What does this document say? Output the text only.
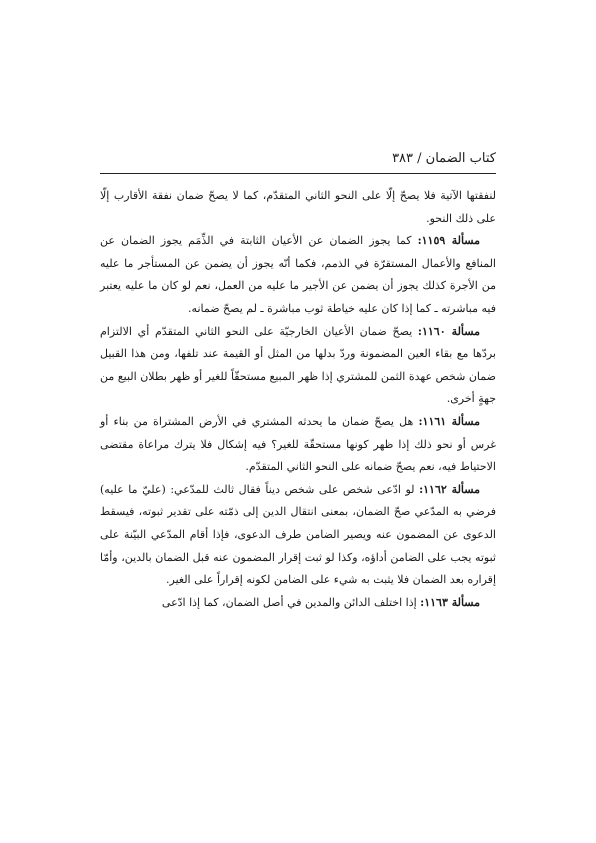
كتاب الضمان / ٣٨٣

لنفقتها الآتية فلا يصحّ إلّا على النحو الثاني المتقدّم، كما لا يصحّ ضمان نفقة الأقارب إلّا على ذلك النحو.

مسألة ١١٥٩: كما يجوز الضمان عن الأعيان الثابتة في الذِّمَم يجوز الضمان عن المنافع والأعمال المستقرّة في الذمم، فكما أنّه يجوز أن يضمن عن المستأجر ما عليه من الأجرة كذلك يجوز أن يضمن عن الأجير ما عليه من العمل، نعم لو كان ما عليه يعتبر فيه مباشرته ـ كما إذا كان عليه خياطة ثوب مباشرة ـ لم يصحّ ضمانه.

مسألة ١١٦٠: يصحّ ضمان الأعيان الخارجيّة على النحو الثاني المتقدّم أي الالتزام بردّها مع بقاء العين المضمونة وردّ بدلها من المثل أو القيمة عند تلفها، ومن هذا القبيل ضمان شخص عهدة الثمن للمشتري إذا ظهر المبيع مستحقّاً للغير أو ظهر بطلان البيع من جهةٍ أخرى.

مسألة ١١٦١: هل يصحّ ضمان ما يحدثه المشتري في الأرض المشتراة من بناء أو غرس أو نحو ذلك إذا ظهر كونها مستحقّة للغير؟ فيه إشكال فلا يترك مراعاة مقتضى الاحتياط فيه، نعم يصحّ ضمانه على النحو الثاني المتقدّم.

مسألة ١١٦٢: لو ادّعى شخص على شخص ديناً فقال ثالث للمدّعي: (عليّ ما عليه) فرضي به المدّعي صحّ الضمان، بمعنى انتقال الدين إلى ذمّته على تقدير ثبوته، فيسقط الدعوى عن المضمون عنه ويصير الضامن طرف الدعوى، فإذا أقام المدّعي البيّنة على ثبوته يجب على الضامن أداؤه، وكذا لو ثبت إقرار المضمون عنه قبل الضمان بالدين، وأمّا إقراره بعد الضمان فلا يثبت به شيء على الضامن لكونه إقراراً على الغير.

مسألة ١١٦٣: إذا اختلف الدائن والمدين في أصل الضمان، كما إذا ادّعى
